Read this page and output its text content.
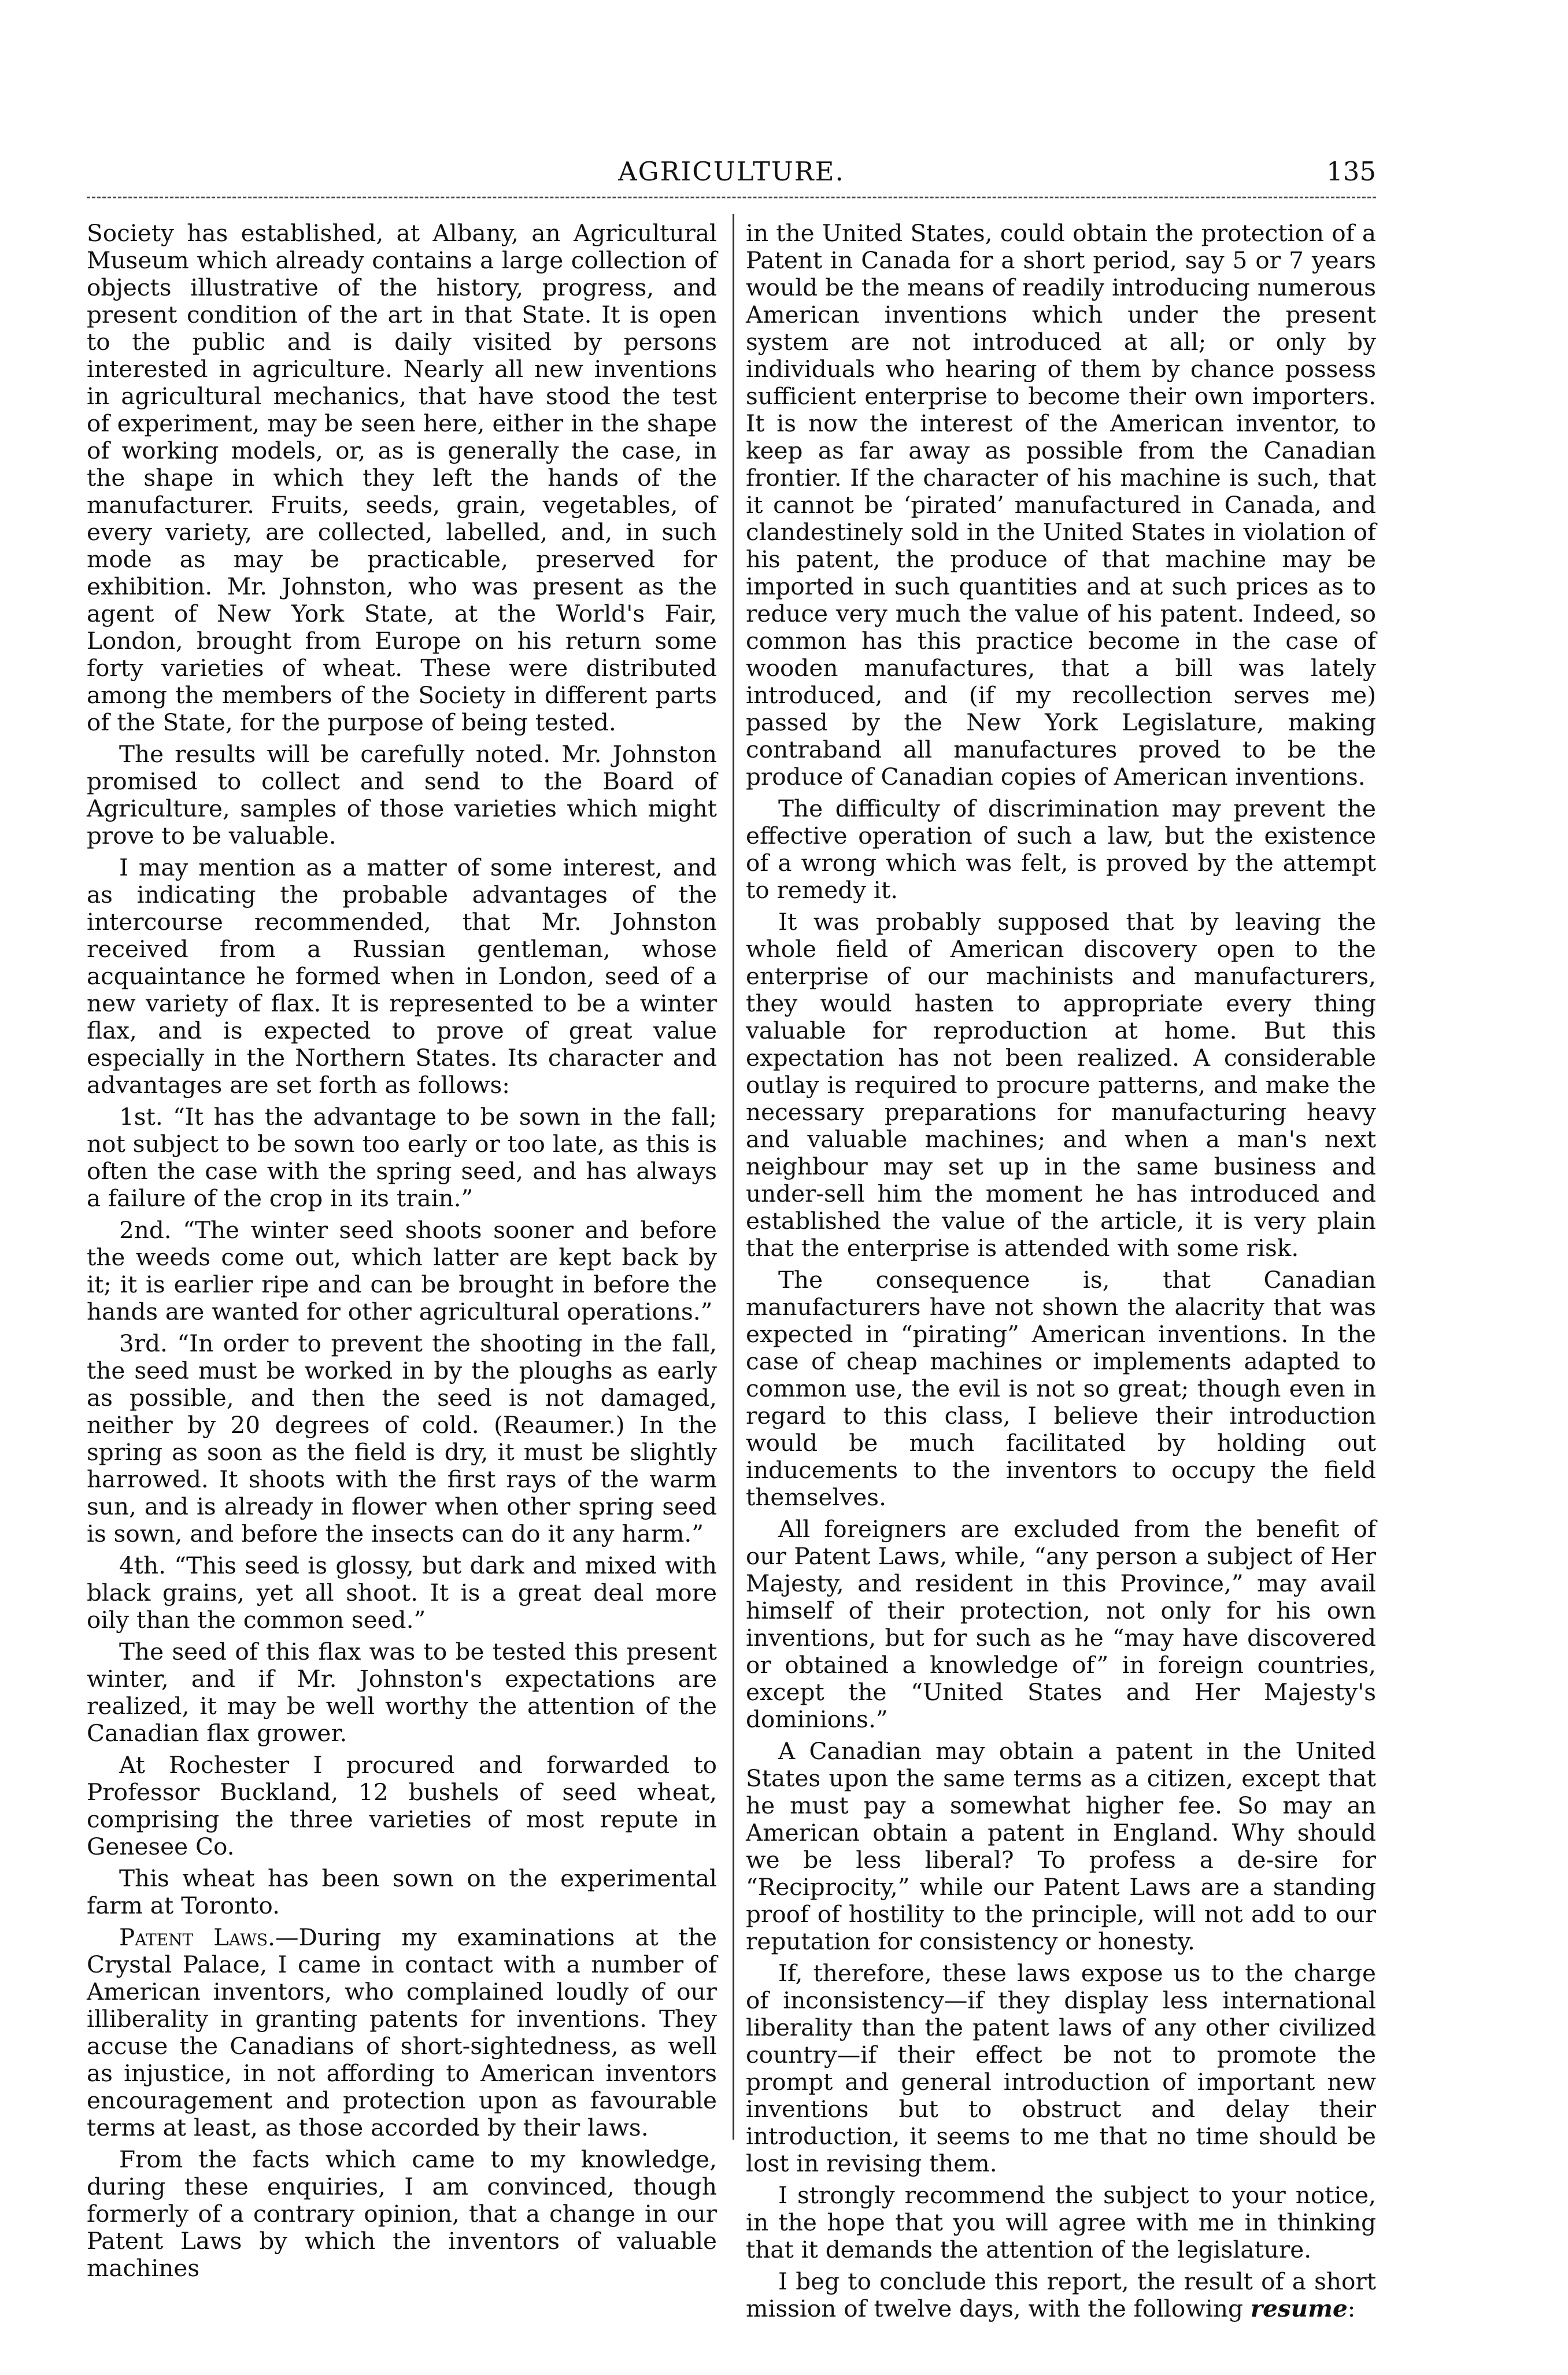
AGRICULTURE.	135

Society has established, at Albany, an Agricultural Museum which already contains a large collection of objects illustrative of the history, progress, and present condition of the art in that State. It is open to the public and is daily visited by persons interested in agriculture. Nearly all new inventions in agricultural mechanics, that have stood the test of experiment, may be seen here, either in the shape of working models, or, as is generally the case, in the shape in which they left the hands of the manufacturer. Fruits, seeds, grain, vegetables, of every variety, are collected, labelled, and, in such mode as may be practicable, preserved for exhibition. Mr. Johnston, who was present as the agent of New York State, at the World's Fair, London, brought from Europe on his return some forty varieties of wheat. These were distributed among the members of the Society in different parts of the State, for the purpose of being tested.

The results will be carefully noted. Mr. Johnston promised to collect and send to the Board of Agriculture, samples of those varieties which might prove to be valuable.

I may mention as a matter of some interest, and as indicating the probable advantages of the intercourse recommended, that Mr. Johnston received from a Russian gentleman, whose acquaintance he formed when in London, seed of a new variety of flax. It is represented to be a winter flax, and is expected to prove of great value especially in the Northern States. Its character and advantages are set forth as follows:

1st. “It has the advantage to be sown in the fall; not subject to be sown too early or too late, as this is often the case with the spring seed, and has always a failure of the crop in its train.”

2nd. “The winter seed shoots sooner and before the weeds come out, which latter are kept back by it; it is earlier ripe and can be brought in before the hands are wanted for other agricultural operations.”

3rd. “In order to prevent the shooting in the fall, the seed must be worked in by the ploughs as early as possible, and then the seed is not damaged, neither by 20 degrees of cold. (Reaumer.) In the spring as soon as the field is dry, it must be slightly harrowed. It shoots with the first rays of the warm sun, and is already in flower when other spring seed is sown, and before the insects can do it any harm.”

4th. “This seed is glossy, but dark and mixed with black grains, yet all shoot. It is a great deal more oily than the common seed.”

The seed of this flax was to be tested this present winter, and if Mr. Johnston's expectations are realized, it may be well worthy the attention of the Canadian flax grower.

At Rochester I procured and forwarded to Professor Buckland, 12 bushels of seed wheat, comprising the three varieties of most repute in Genesee Co.

This wheat has been sown on the experimental farm at Toronto.

Patent Laws.—During my examinations at the Crystal Palace, I came in contact with a number of American inventors, who complained loudly of our illiberality in granting patents for inventions. They accuse the Canadians of short-sightedness, as well as injustice, in not affording to American inventors encouragement and protection upon as favourable terms at least, as those accorded by their laws.

From the facts which came to my knowledge, during these enquiries, I am convinced, though formerly of a contrary opinion, that a change in our Patent Laws by which the inventors of valuable machines

in the United States, could obtain the protection of a Patent in Canada for a short period, say 5 or 7 years would be the means of readily introducing numerous American inventions which under the present system are not introduced at all; or only by individuals who hearing of them by chance possess sufficient enterprise to become their own importers. It is now the interest of the American inventor, to keep as far away as possible from the Canadian frontier. If the character of his machine is such, that it cannot be ‘pirated’ manufactured in Canada, and clandestinely sold in the United States in violation of his patent, the produce of that machine may be imported in such quantities and at such prices as to reduce very much the value of his patent. Indeed, so common has this practice become in the case of wooden manufactures, that a bill was lately introduced, and (if my recollection serves me) passed by the New York Legislature, making contraband all manufactures proved to be the produce of Canadian copies of American inventions.

The difficulty of discrimination may prevent the effective operation of such a law, but the existence of a wrong which was felt, is proved by the attempt to remedy it.

It was probably supposed that by leaving the whole field of American discovery open to the enterprise of our machinists and manufacturers, they would hasten to appropriate every thing valuable for reproduction at home. But this expectation has not been realized. A considerable outlay is required to procure patterns, and make the necessary preparations for manufacturing heavy and valuable machines; and when a man's next neighbour may set up in the same business and under-sell him the moment he has introduced and established the value of the article, it is very plain that the enterprise is attended with some risk.

The consequence is, that Canadian manufacturers have not shown the alacrity that was expected in “pirating” American inventions. In the case of cheap machines or implements adapted to common use, the evil is not so great; though even in regard to this class, I believe their introduction would be much facilitated by holding out inducements to the inventors to occupy the field themselves.

All foreigners are excluded from the benefit of our Patent Laws, while, “any person a subject of Her Majesty, and resident in this Province,” may avail himself of their protection, not only for his own inventions, but for such as he “may have discovered or obtained a knowledge of” in foreign countries, except the “United States and Her Majesty's dominions.”

A Canadian may obtain a patent in the United States upon the same terms as a citizen, except that he must pay a somewhat higher fee. So may an American obtain a patent in England. Why should we be less liberal? To profess a de-sire for “Reciprocity,” while our Patent Laws are a standing proof of hostility to the principle, will not add to our reputation for consistency or honesty.

If, therefore, these laws expose us to the charge of inconsistency—if they display less international liberality than the patent laws of any other civilized country—if their effect be not to promote the prompt and general introduction of important new inventions but to obstruct and delay their introduction, it seems to me that no time should be lost in revising them.

I strongly recommend the subject to your notice, in the hope that you will agree with me in thinking that it demands the attention of the legislature.

I beg to conclude this report, the result of a short mission of twelve days, with the following resume:
